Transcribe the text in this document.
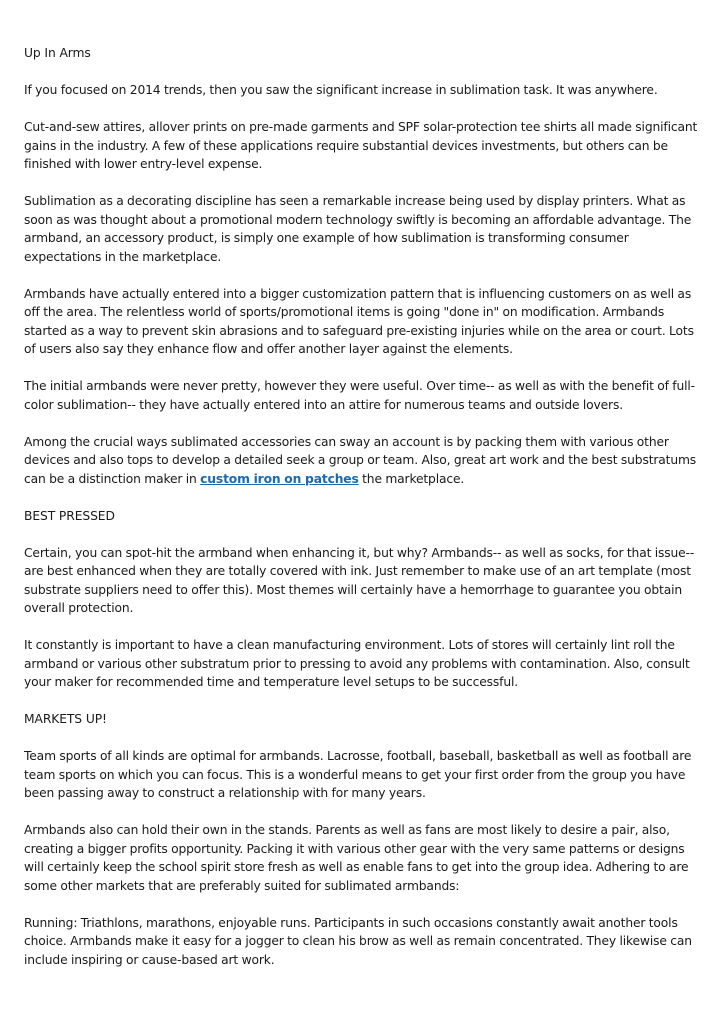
Up In Arms

If you focused on 2014 trends, then you saw the significant increase in sublimation task. It was anywhere.

Cut-and-sew attires, allover prints on pre-made garments and SPF solar-protection tee shirts all made significant gains in the industry. A few of these applications require substantial devices investments, but others can be finished with lower entry-level expense.

Sublimation as a decorating discipline has seen a remarkable increase being used by display printers. What as soon as was thought about a promotional modern technology swiftly is becoming an affordable advantage. The armband, an accessory product, is simply one example of how sublimation is transforming consumer expectations in the marketplace.

Armbands have actually entered into a bigger customization pattern that is influencing customers on as well as off the area. The relentless world of sports/promotional items is going "done in" on modification. Armbands started as a way to prevent skin abrasions and to safeguard pre-existing injuries while on the area or court. Lots of users also say they enhance flow and offer another layer against the elements.

The initial armbands were never pretty, however they were useful. Over time-- as well as with the benefit of full-color sublimation-- they have actually entered into an attire for numerous teams and outside lovers.

Among the crucial ways sublimated accessories can sway an account is by packing them with various other devices and also tops to develop a detailed seek a group or team. Also, great art work and the best substratums can be a distinction maker in custom iron on patches the marketplace.

BEST PRESSED

Certain, you can spot-hit the armband when enhancing it, but why? Armbands-- as well as socks, for that issue-- are best enhanced when they are totally covered with ink. Just remember to make use of an art template (most substrate suppliers need to offer this). Most themes will certainly have a hemorrhage to guarantee you obtain overall protection.

It constantly is important to have a clean manufacturing environment. Lots of stores will certainly lint roll the armband or various other substratum prior to pressing to avoid any problems with contamination. Also, consult your maker for recommended time and temperature level setups to be successful.

MARKETS UP!

Team sports of all kinds are optimal for armbands. Lacrosse, football, baseball, basketball as well as football are team sports on which you can focus. This is a wonderful means to get your first order from the group you have been passing away to construct a relationship with for many years.

Armbands also can hold their own in the stands. Parents as well as fans are most likely to desire a pair, also, creating a bigger profits opportunity. Packing it with various other gear with the very same patterns or designs will certainly keep the school spirit store fresh as well as enable fans to get into the group idea. Adhering to are some other markets that are preferably suited for sublimated armbands:

Running: Triathlons, marathons, enjoyable runs. Participants in such occasions constantly await another tools choice. Armbands make it easy for a jogger to clean his brow as well as remain concentrated. They likewise can include inspiring or cause-based art work.
